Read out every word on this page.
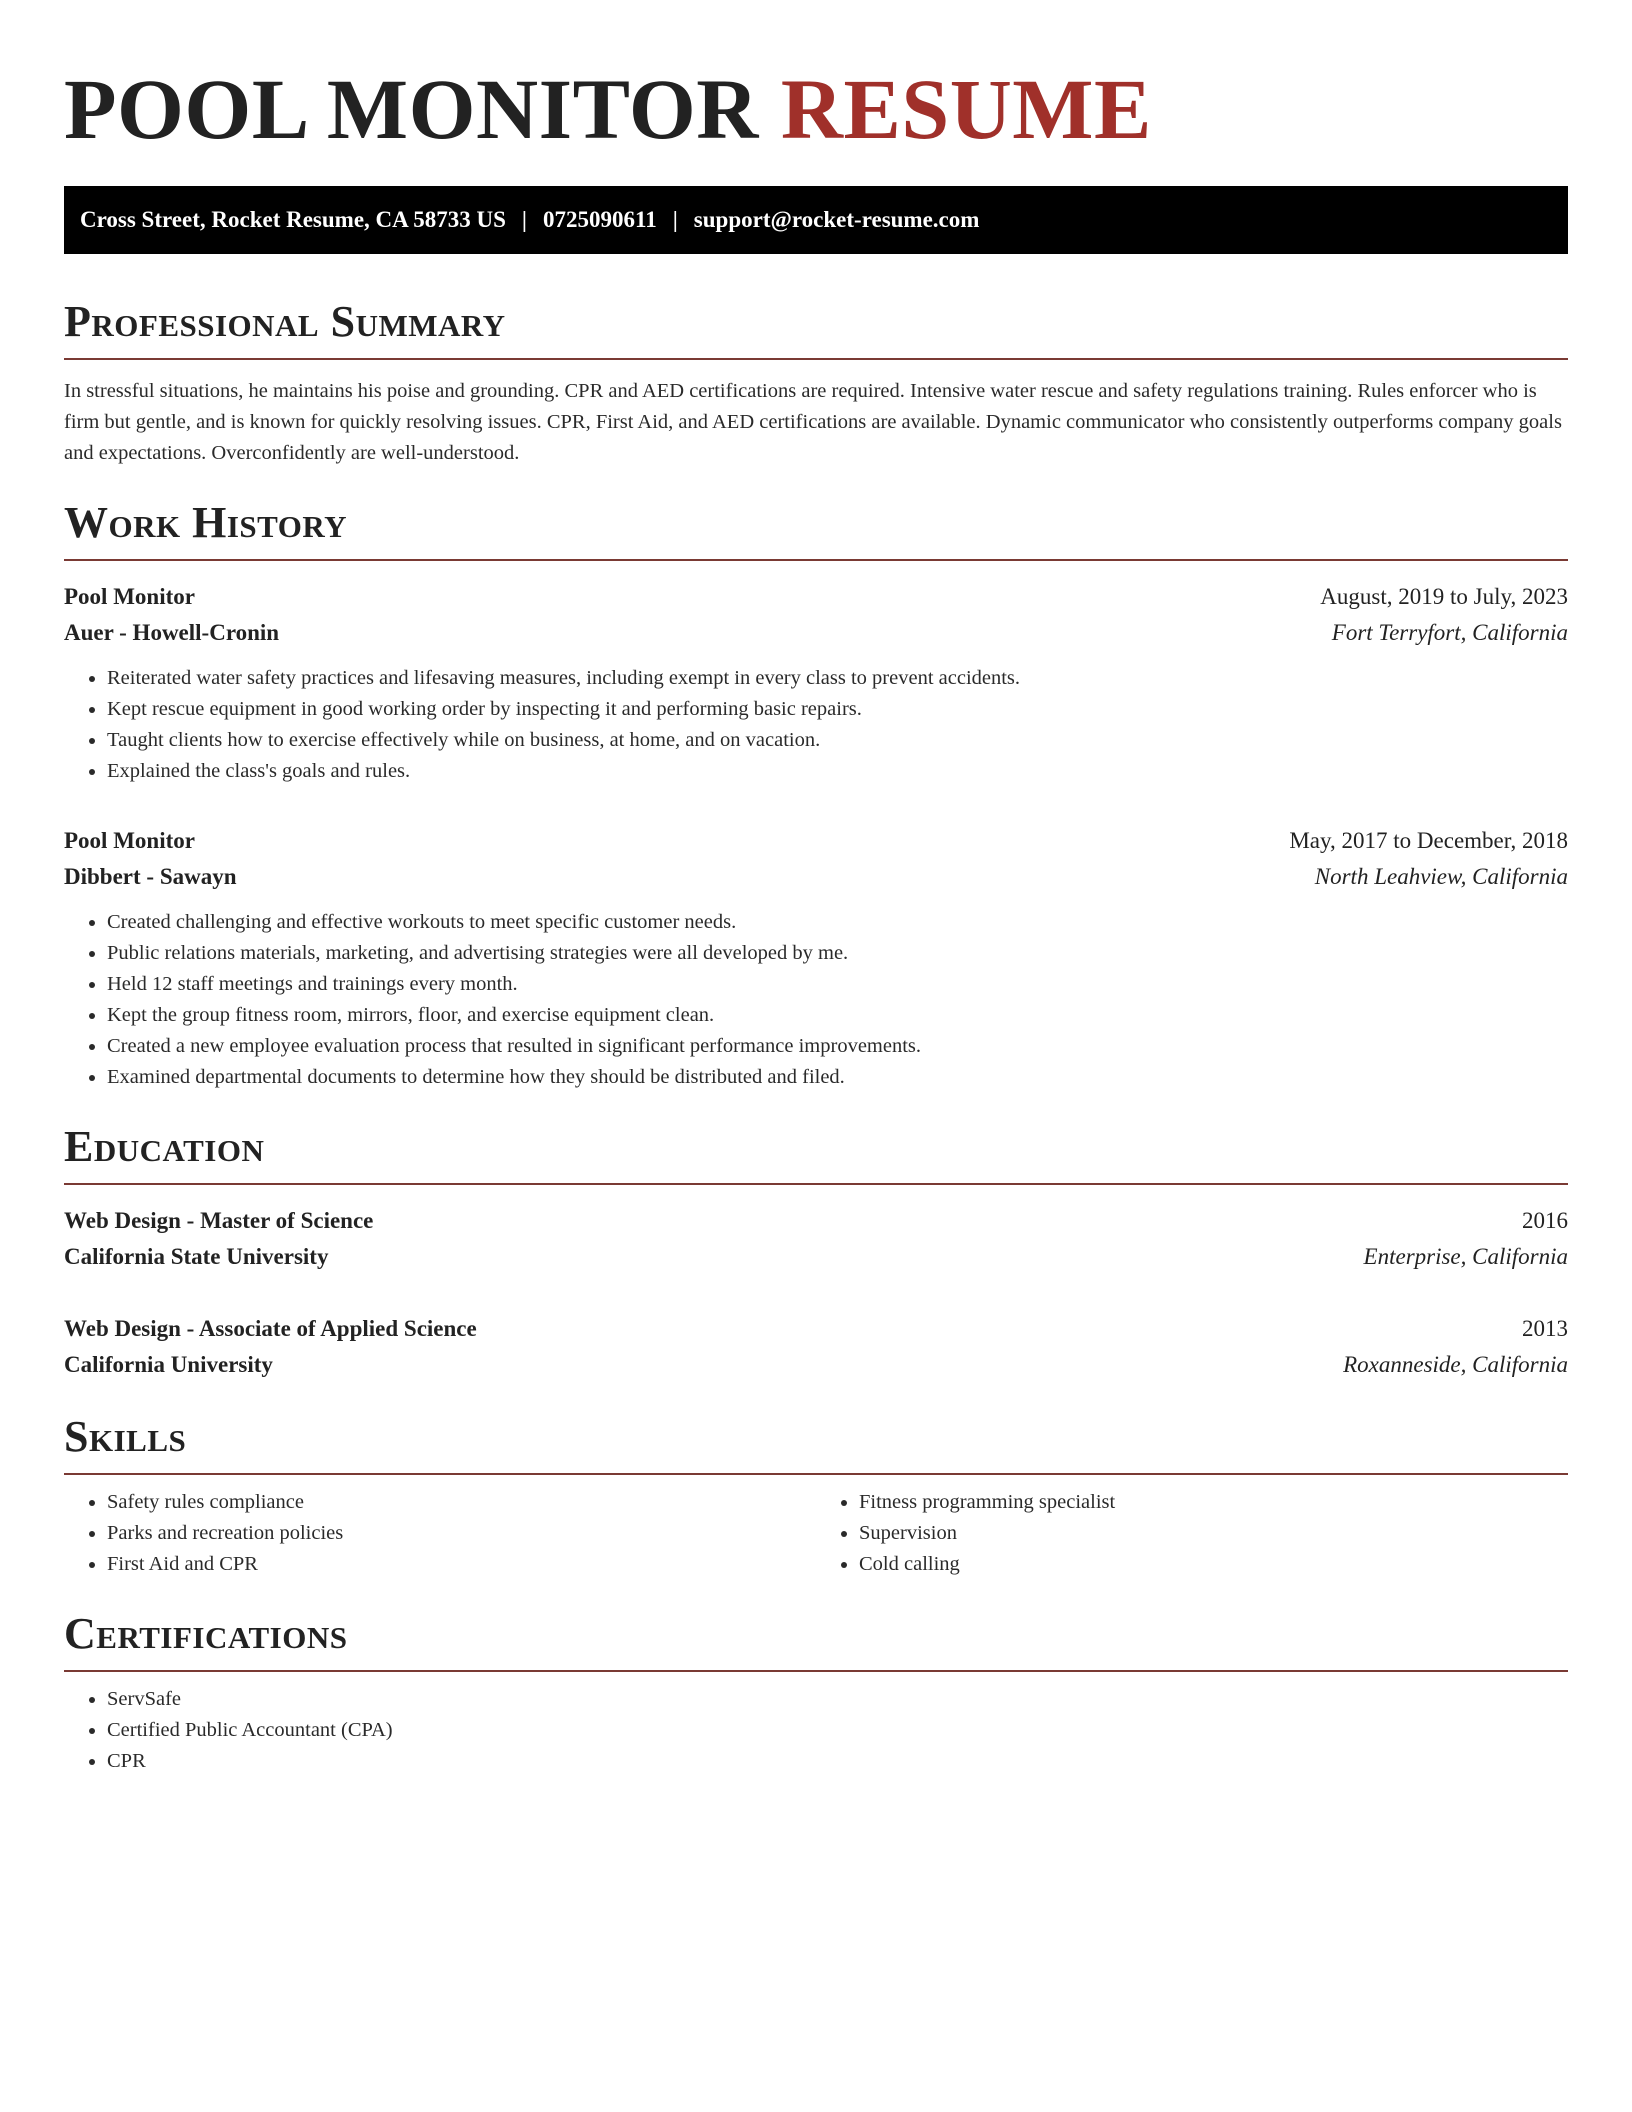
POOL MONITOR RESUME
Cross Street, Rocket Resume, CA 58733 US | 0725090611 | support@rocket-resume.com
Professional Summary

In stressful situations, he maintains his poise and grounding. CPR and AED certifications are required. Intensive water rescue and safety regulations training. Rules enforcer who is firm but gentle, and is known for quickly resolving issues. CPR, First Aid, and AED certifications are available. Dynamic communicator who consistently outperforms company goals and expectations. Overconfidently are well-understood.

Work History
Pool Monitor	August, 2019 to July, 2023
Auer - Howell-Cronin	Fort Terryfort, California
• Reiterated water safety practices and lifesaving measures, including exempt in every class to prevent accidents.
• Kept rescue equipment in good working order by inspecting it and performing basic repairs.
• Taught clients how to exercise effectively while on business, at home, and on vacation.
• Explained the class's goals and rules.
Pool Monitor	May, 2017 to December, 2018
Dibbert - Sawayn	North Leahview, California
• Created challenging and effective workouts to meet specific customer needs.
• Public relations materials, marketing, and advertising strategies were all developed by me.
• Held 12 staff meetings and trainings every month.
• Kept the group fitness room, mirrors, floor, and exercise equipment clean.
• Created a new employee evaluation process that resulted in significant performance improvements.
• Examined departmental documents to determine how they should be distributed and filed.
Education
Web Design - Master of Science	2016
California State University	Enterprise, California
Web Design - Associate of Applied Science	2013
California University	Roxanneside, California
Skills
• Safety rules compliance
• Parks and recreation policies
• First Aid and CPR
• Fitness programming specialist
• Supervision
• Cold calling
Certifications
• ServSafe
• Certified Public Accountant (CPA)
• CPR
